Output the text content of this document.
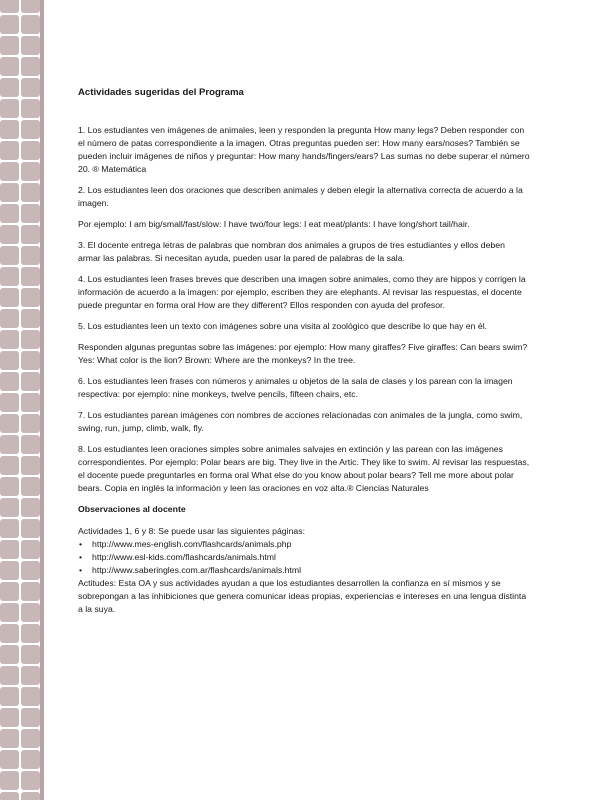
Actividades sugeridas del Programa

1. Los estudiantes ven imágenes de animales, leen y responden la pregunta How many legs? Deben responder con el número de patas correspondiente a la imagen. Otras preguntas pueden ser: How many ears/noses? También se pueden incluir imágenes de niños y preguntar: How many hands/fingers/ears? Las sumas no debe superar el número 20. ® Matemática

2. Los estudiantes leen dos oraciones que describen animales y deben elegir la alternativa correcta de acuerdo a la imagen.

Por ejemplo: I am big/small/fast/slow: I have two/four legs: I eat meat/plants: I have long/short tail/hair.

3. El docente entrega letras de palabras que nombran dos animales a grupos de tres estudiantes y ellos deben armar las palabras. Si necesitan ayuda, pueden usar la pared de palabras de la sala.

4. Los estudiantes leen frases breves que describen una imagen sobre animales, como they are hippos y corrigen la información de acuerdo a la imagen: por ejemplo, escriben they are elephants. Al revisar las respuestas, el docente puede preguntar en forma oral How are they different? Ellos responden con ayuda del profesor.

5. Los estudiantes leen un texto con imágenes sobre una visita al zoológico que describe lo que hay en él.

Responden algunas preguntas sobre las imágenes: por ejemplo: How many giraffes? Five giraffes: Can bears swim? Yes: What color is the lion? Brown: Where are the monkeys? In the tree.

6. Los estudiantes leen frases con números y animales u objetos de la sala de clases y los parean con la imagen respectiva: por ejemplo: nine monkeys, twelve pencils, fifteen chairs, etc.

7. Los estudiantes parean imágenes con nombres de acciones relacionadas con animales de la jungla, como swim, swing, run, jump, climb, walk, fly.

8. Los estudiantes leen oraciones simples sobre animales salvajes en extinción y las parean con las imágenes correspondientes. Por ejemplo: Polar bears are big. They live in the Artic. They like to swim. Al revisar las respuestas, el docente puede preguntarles en forma oral What else do you know about polar bears? Tell me more about polar bears. Copia en inglés la información y leen las oraciones en voz alta.® Ciencias Naturales

Observaciones al docente

Actividades 1, 6 y 8: Se puede usar las siguientes páginas:

• http://www.mes-english.com/flashcards/animals.php
• http://www.esl-kids.com/flashcards/animals.html
• http://www.saberingles.com.ar/flashcards/animals.html

Actitudes: Esta OA y sus actividades ayudan a que los estudiantes desarrollen la confianza en sí mismos y se sobrepongan a las inhibiciones que genera comunicar ideas propias, experiencias e intereses en una lengua distinta a la suya.
